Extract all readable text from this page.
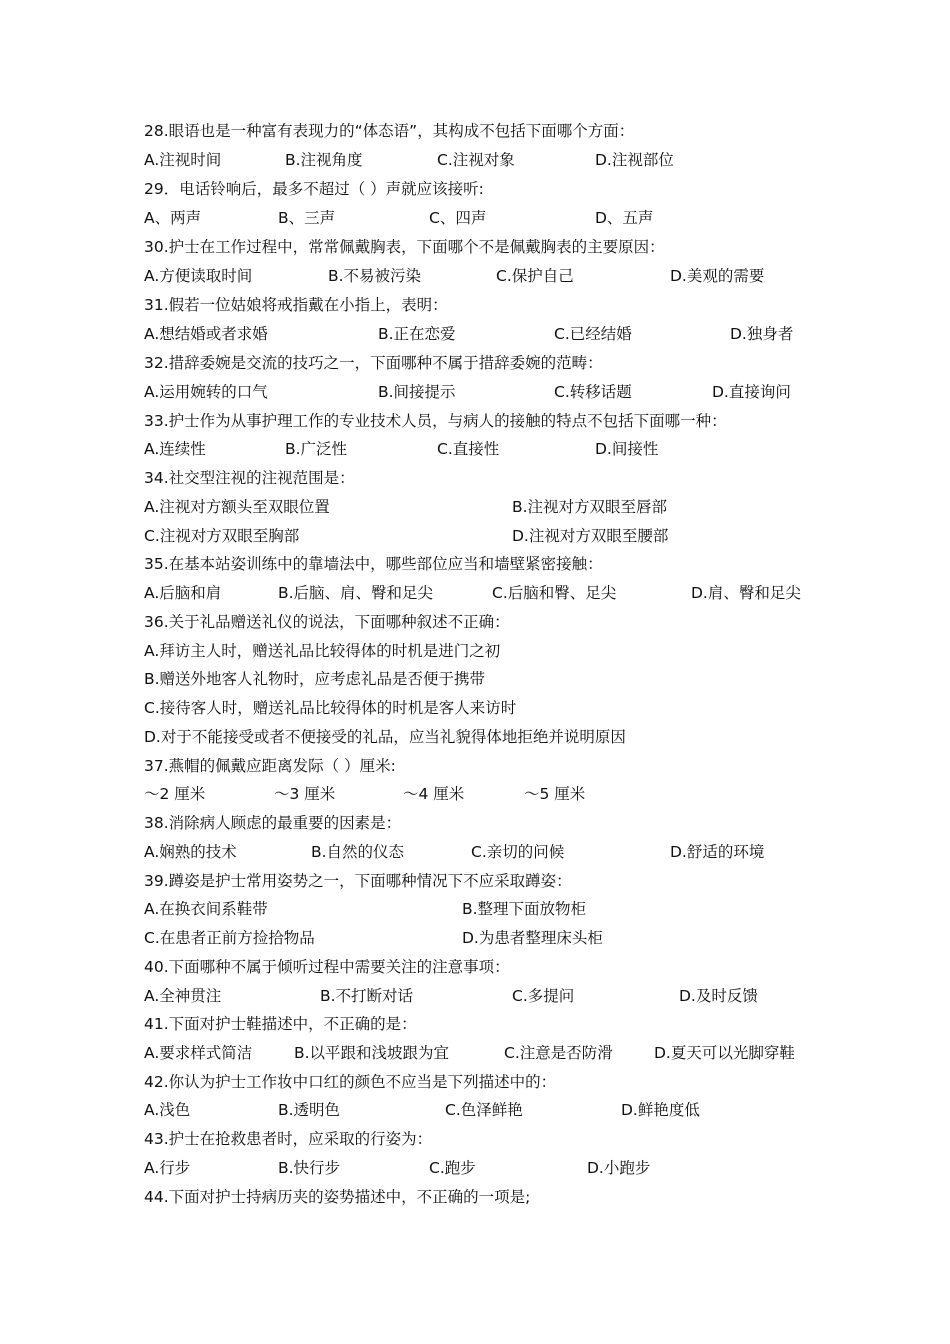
28.眼语也是一种富有表现力的“体态语”，其构成不包括下面哪个方面：
A.注视时间	B.注视角度	C.注视对象	D.注视部位
29．电话铃响后，最多不超过（ ）声就应该接听:
A、两声	B、三声	C、四声	D、五声
30.护士在工作过程中，常常佩戴胸表，下面哪个不是佩戴胸表的主要原因：
A.方便读取时间	B.不易被污染	C.保护自己	D.美观的需要
31.假若一位姑娘将戒指戴在小指上，表明：
A.想结婚或者求婚	B.正在恋爱	C.已经结婚	D.独身者
32.措辞委婉是交流的技巧之一，下面哪种不属于措辞委婉的范畴：
A.运用婉转的口气	B.间接提示	C.转移话题	D.直接询问
33.护士作为从事护理工作的专业技术人员，与病人的接触的特点不包括下面哪一种：
A.连续性	B.广泛性	C.直接性	D.间接性
34.社交型注视的注视范围是：
A.注视对方额头至双眼位置	B.注视对方双眼至唇部
C.注视对方双眼至胸部	D.注视对方双眼至腰部
35.在基本站姿训练中的靠墙法中，哪些部位应当和墙壁紧密接触：
A.后脑和肩	B.后脑、肩、臀和足尖	C.后脑和臀、足尖	D.肩、臀和足尖
36.关于礼品赠送礼仪的说法，下面哪种叙述不正确：
A.拜访主人时，赠送礼品比较得体的时机是进门之初
B.赠送外地客人礼物时，应考虑礼品是否便于携带
C.接待客人时，赠送礼品比较得体的时机是客人来访时
D.对于不能接受或者不便接受的礼品，应当礼貌得体地拒绝并说明原因
37.燕帽的佩戴应距离发际（ ）厘米:
～2 厘米	～3 厘米	～4 厘米	～5 厘米
38.消除病人顾虑的最重要的因素是：
A.娴熟的技术	B.自然的仪态	C.亲切的问候	D.舒适的环境
39.蹲姿是护士常用姿势之一，下面哪种情况下不应采取蹲姿：
A.在换衣间系鞋带	B.整理下面放物柜
C.在患者正前方捡拾物品	D.为患者整理床头柜
40.下面哪种不属于倾听过程中需要关注的注意事项：
A.全神贯注	B.不打断对话	C.多提问	D.及时反馈
41.下面对护士鞋描述中，不正确的是：
A.要求样式简洁	B.以平跟和浅坡跟为宜	C.注意是否防滑	D.夏天可以光脚穿鞋
42.你认为护士工作妆中口红的颜色不应当是下列描述中的：
A.浅色	B.透明色	C.色泽鲜艳	D.鲜艳度低
43.护士在抢救患者时，应采取的行姿为：
A.行步	B.快行步	C.跑步	D.小跑步
44.下面对护士持病历夹的姿势描述中，不正确的一项是;
